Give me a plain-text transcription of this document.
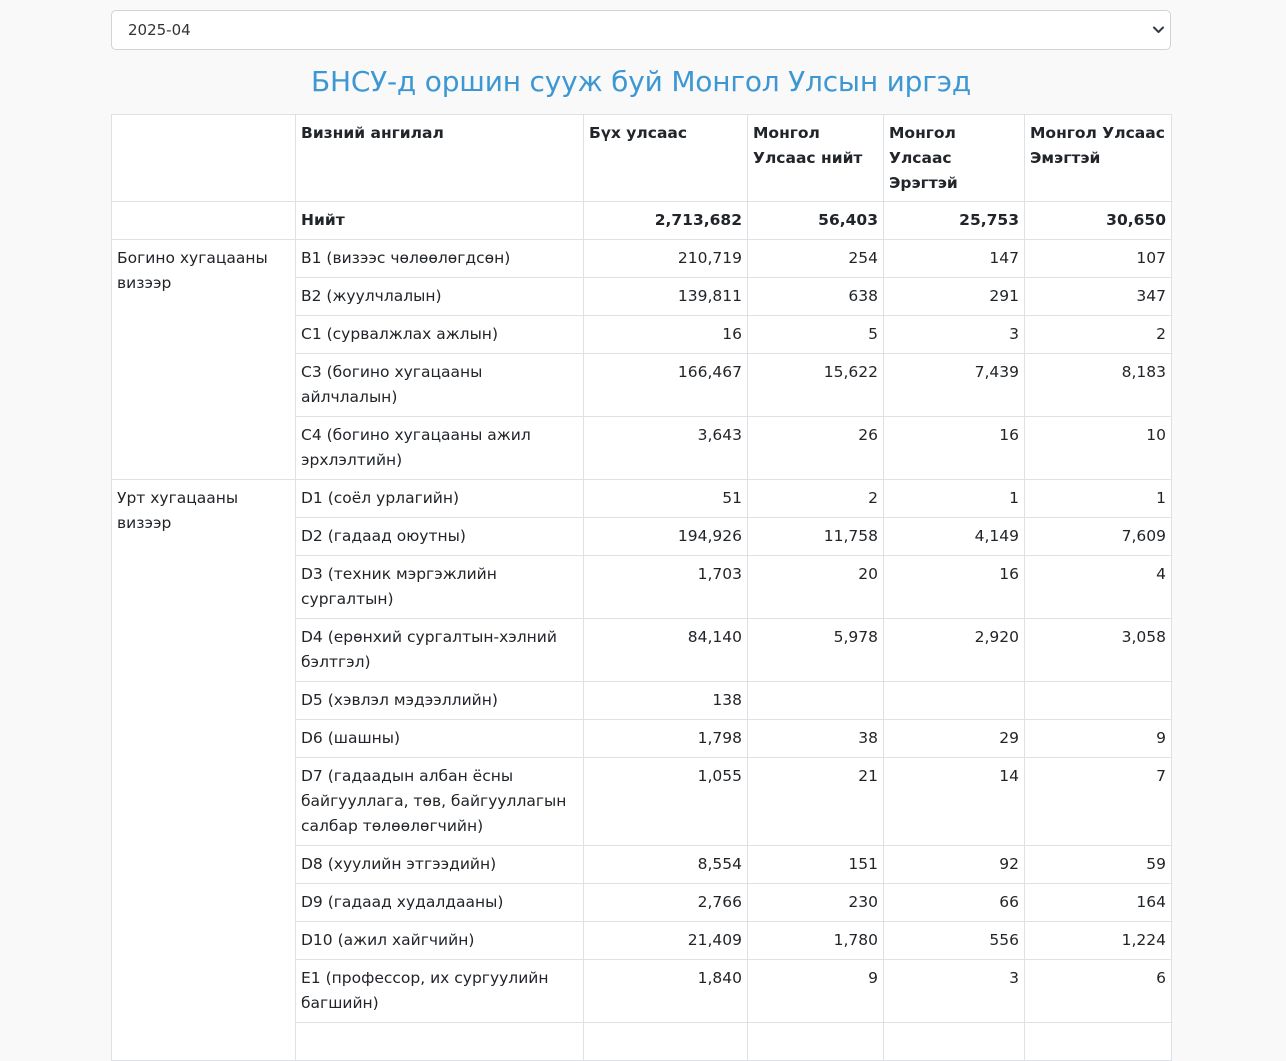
2025-04
БНСУ-д оршин сууж буй Монгол Улсын иргэд
	Визний ангилал	Бүх улсаас	Монгол Улсаас нийт	Монгол Улсаас Эрэгтэй	Монгол Улсаас Эмэгтэй
	Нийт	2,713,682	56,403	25,753	30,650
Богино хугацааны визээр	B1 (визээс чөлөөлөгдсөн)	210,719	254	147	107
	B2 (жуулчлалын)	139,811	638	291	347
	C1 (сурвалжлах ажлын)	16	5	3	2
	C3 (богино хугацааны айлчлалын)	166,467	15,622	7,439	8,183
	C4 (богино хугацааны ажил эрхлэлтийн)	3,643	26	16	10
Урт хугацааны визээр	D1 (соёл урлагийн)	51	2	1	1
	D2 (гадаад оюутны)	194,926	11,758	4,149	7,609
	D3 (техник мэргэжлийн сургалтын)	1,703	20	16	4
	D4 (ерөнхий сургалтын-хэлний бэлтгэл)	84,140	5,978	2,920	3,058
	D5 (хэвлэл мэдээллийн)	138			
	D6 (шашны)	1,798	38	29	9
	D7 (гадаадын албан ёсны байгууллага, төв, байгууллагын салбар төлөөлөгчийн)	1,055	21	14	7
	D8 (хуулийн этгээдийн)	8,554	151	92	59
	D9 (гадаад худалдааны)	2,766	230	66	164
	D10 (ажил хайгчийн)	21,409	1,780	556	1,224
	E1 (профессор, их сургуулийн багшийн)	1,840	9	3	6
